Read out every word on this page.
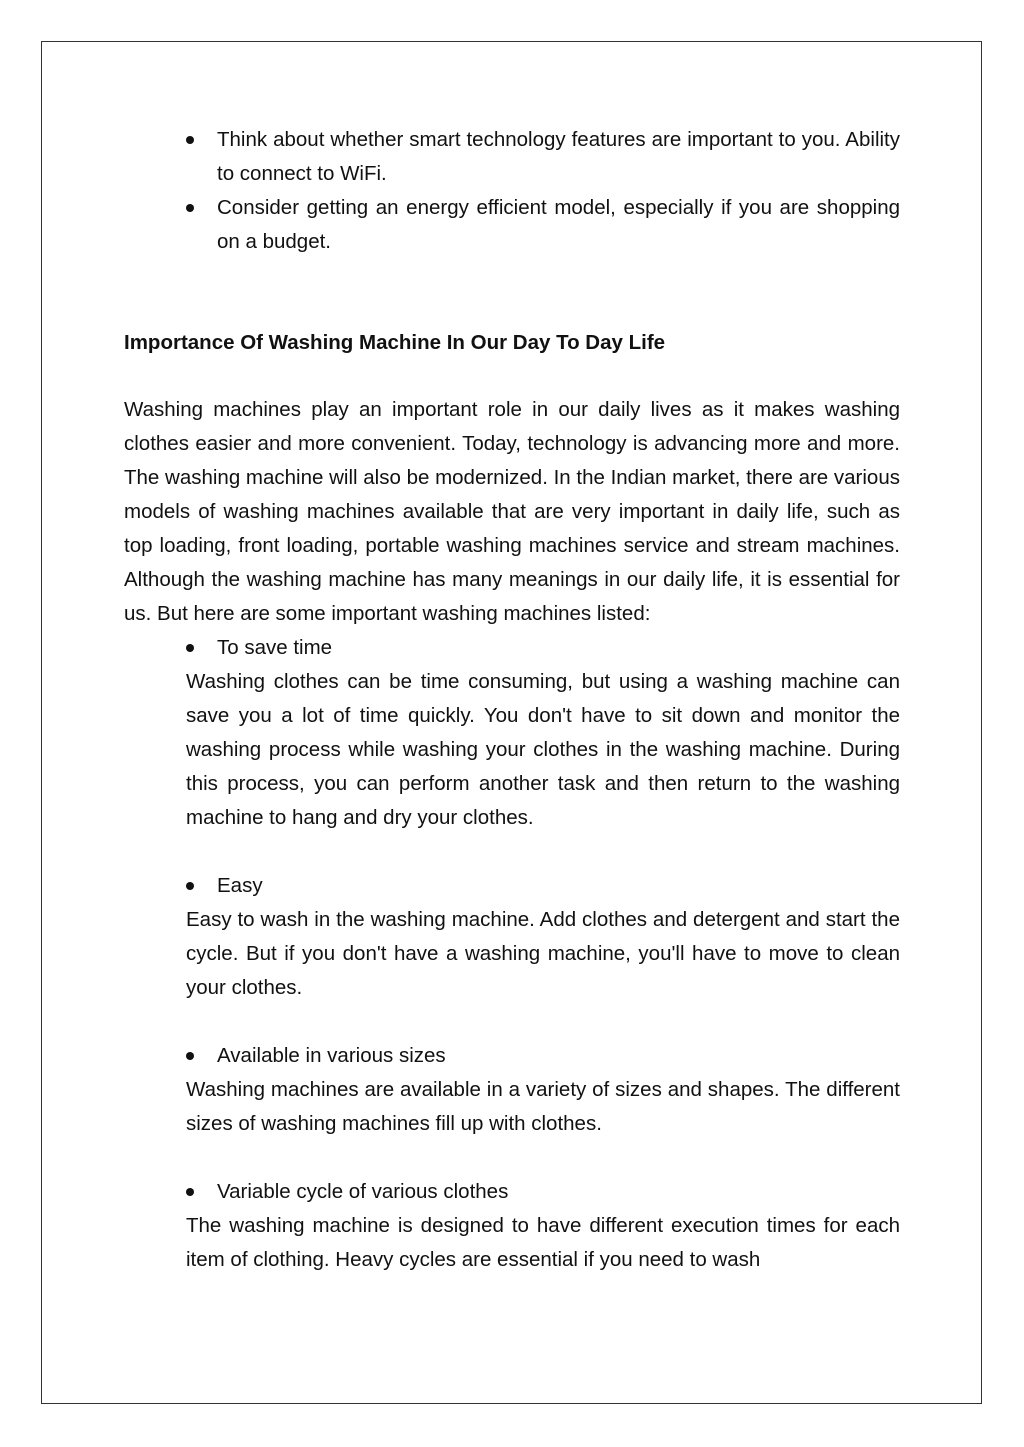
Think about whether smart technology features are important to you. Ability to connect to WiFi.

Consider getting an energy efficient model, especially if you are shopping on a budget.

Importance Of Washing Machine In Our Day To Day Life

Washing machines play an important role in our daily lives as it makes washing clothes easier and more convenient. Today, technology is advancing more and more. The washing machine will also be modernized. In the Indian market, there are various models of washing machines available that are very important in daily life, such as top loading, front loading, portable washing machines service and stream machines. Although the washing machine has many meanings in our daily life, it is essential for us. But here are some important washing machines listed:

To save time

Washing clothes can be time consuming, but using a washing machine can save you a lot of time quickly. You don't have to sit down and monitor the washing process while washing your clothes in the washing machine. During this process, you can perform another task and then return to the washing machine to hang and dry your clothes.

Easy

Easy to wash in the washing machine. Add clothes and detergent and start the cycle. But if you don't have a washing machine, you'll have to move to clean your clothes.

Available in various sizes

Washing machines are available in a variety of sizes and shapes. The different sizes of washing machines fill up with clothes.

Variable cycle of various clothes

The washing machine is designed to have different execution times for each item of clothing. Heavy cycles are essential if you need to wash
